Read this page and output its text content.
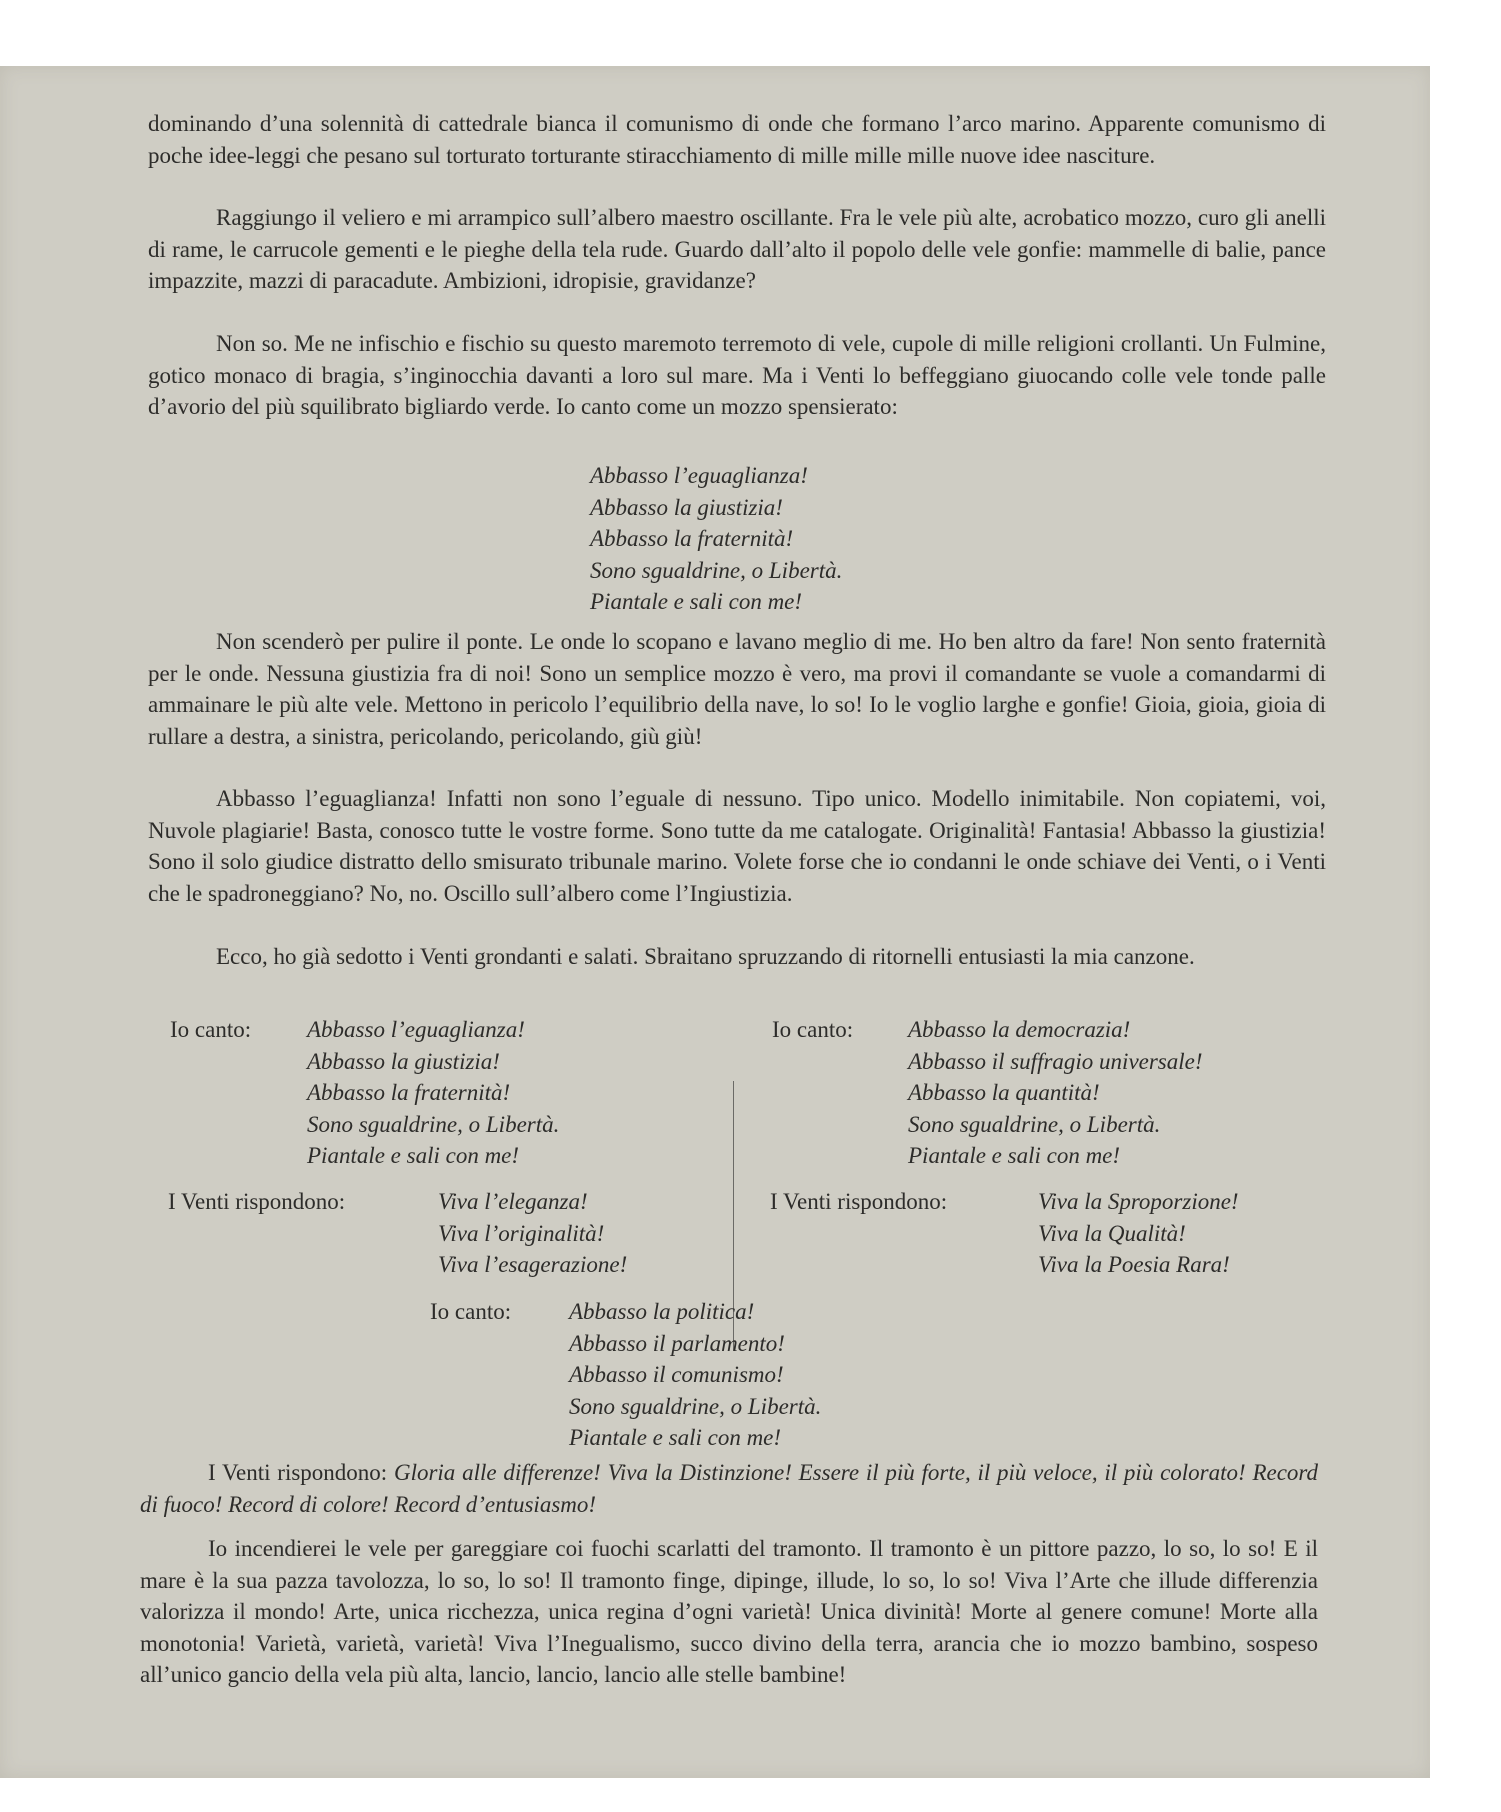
dominando d’una solennità di cattedrale bianca il comunismo di onde che formano l’arco marino. Apparente comunismo di poche idee-leggi che pesano sul torturato torturante stiracchiamento di mille mille mille nuove idee nasciture.

Raggiungo il veliero e mi arrampico sull’albero maestro oscillante. Fra le vele più alte, acrobatico mozzo, curo gli anelli di rame, le carrucole gementi e le pieghe della tela rude. Guardo dall’alto il popolo delle vele gonfie: mammelle di balie, pance impazzite, mazzi di paracadute. Ambizioni, idropisie, gravidanze?

Non so. Me ne infischio e fischio su questo maremoto terremoto di vele, cupole di mille religioni crollanti. Un Fulmine, gotico monaco di bragia, s’inginocchia davanti a loro sul mare. Ma i Venti lo beffeggiano giuocando colle vele tonde palle d’avorio del più squilibrato bigliardo verde. Io canto come un mozzo spensierato:

Abbasso l’eguaglianza!
Abbasso la giustizia!
Abbasso la fraternità!
Sono sgualdrine, o Libertà.
Piantale e sali con me!

Non scenderò per pulire il ponte. Le onde lo scopano e lavano meglio di me. Ho ben altro da fare! Non sento fraternità per le onde. Nessuna giustizia fra di noi! Sono un semplice mozzo è vero, ma provi il comandante se vuole a comandarmi di ammainare le più alte vele. Mettono in pericolo l’equilibrio della nave, lo so! Io le voglio larghe e gonfie! Gioia, gioia, gioia di rullare a destra, a sinistra, pericolando, pericolando, giù giù!

Abbasso l’eguaglianza! Infatti non sono l’eguale di nessuno. Tipo unico. Modello inimitabile. Non copiatemi, voi, Nuvole plagiarie! Basta, conosco tutte le vostre forme. Sono tutte da me catalogate. Originalità! Fantasia! Abbasso la giustizia! Sono il solo giudice distratto dello smisurato tribunale marino. Volete forse che io condanni le onde schiave dei Venti, o i Venti che le spadroneggiano? No, no. Oscillo sull’albero come l’Ingiustizia.

Ecco, ho già sedotto i Venti grondanti e salati. Sbraitano spruzzando di ritornelli entusiasti la mia canzone.

Io canto: Abbasso l’eguaglianza!
Abbasso la giustizia!
Abbasso la fraternità!
Sono sgualdrine, o Libertà.
Piantale e sali con me!
I Venti rispondono:	Viva l’eleganza!
Viva l’originalità!
Viva l’esagerazione!
Io canto: Abbasso la democrazia!
Abbasso il suffragio universale!
Abbasso la quantità!
Sono sgualdrine, o Libertà.
Piantale e sali con me!
I Venti rispondono:	Viva la Sproporzione!
Viva la Qualità!
Viva la Poesia Rara!
Io canto:	Abbasso la politica!
Abbasso il parlamento!
Abbasso il comunismo!
Sono sgualdrine, o Libertà.
Piantale e sali con me!

I Venti rispondono: Gloria alle differenze! Viva la Distinzione! Essere il più forte, il più veloce, il più colorato! Record di fuoco! Record di colore! Record d’entusiasmo!

Io incendierei le vele per gareggiare coi fuochi scarlatti del tramonto. Il tramonto è un pittore pazzo, lo so, lo so! E il mare è la sua pazza tavolozza, lo so, lo so! Il tramonto finge, dipinge, illude, lo so, lo so! Viva l’Arte che illude differenzia valorizza il mondo! Arte, unica ricchezza, unica regina d’ogni varietà! Unica divinità! Morte al genere comune! Morte alla monotonia! Varietà, varietà, varietà! Viva l’Inegualismo, succo divino della terra, arancia che io mozzo bambino, sospeso all’unico gancio della vela più alta, lancio, lancio, lancio alle stelle bambine!
